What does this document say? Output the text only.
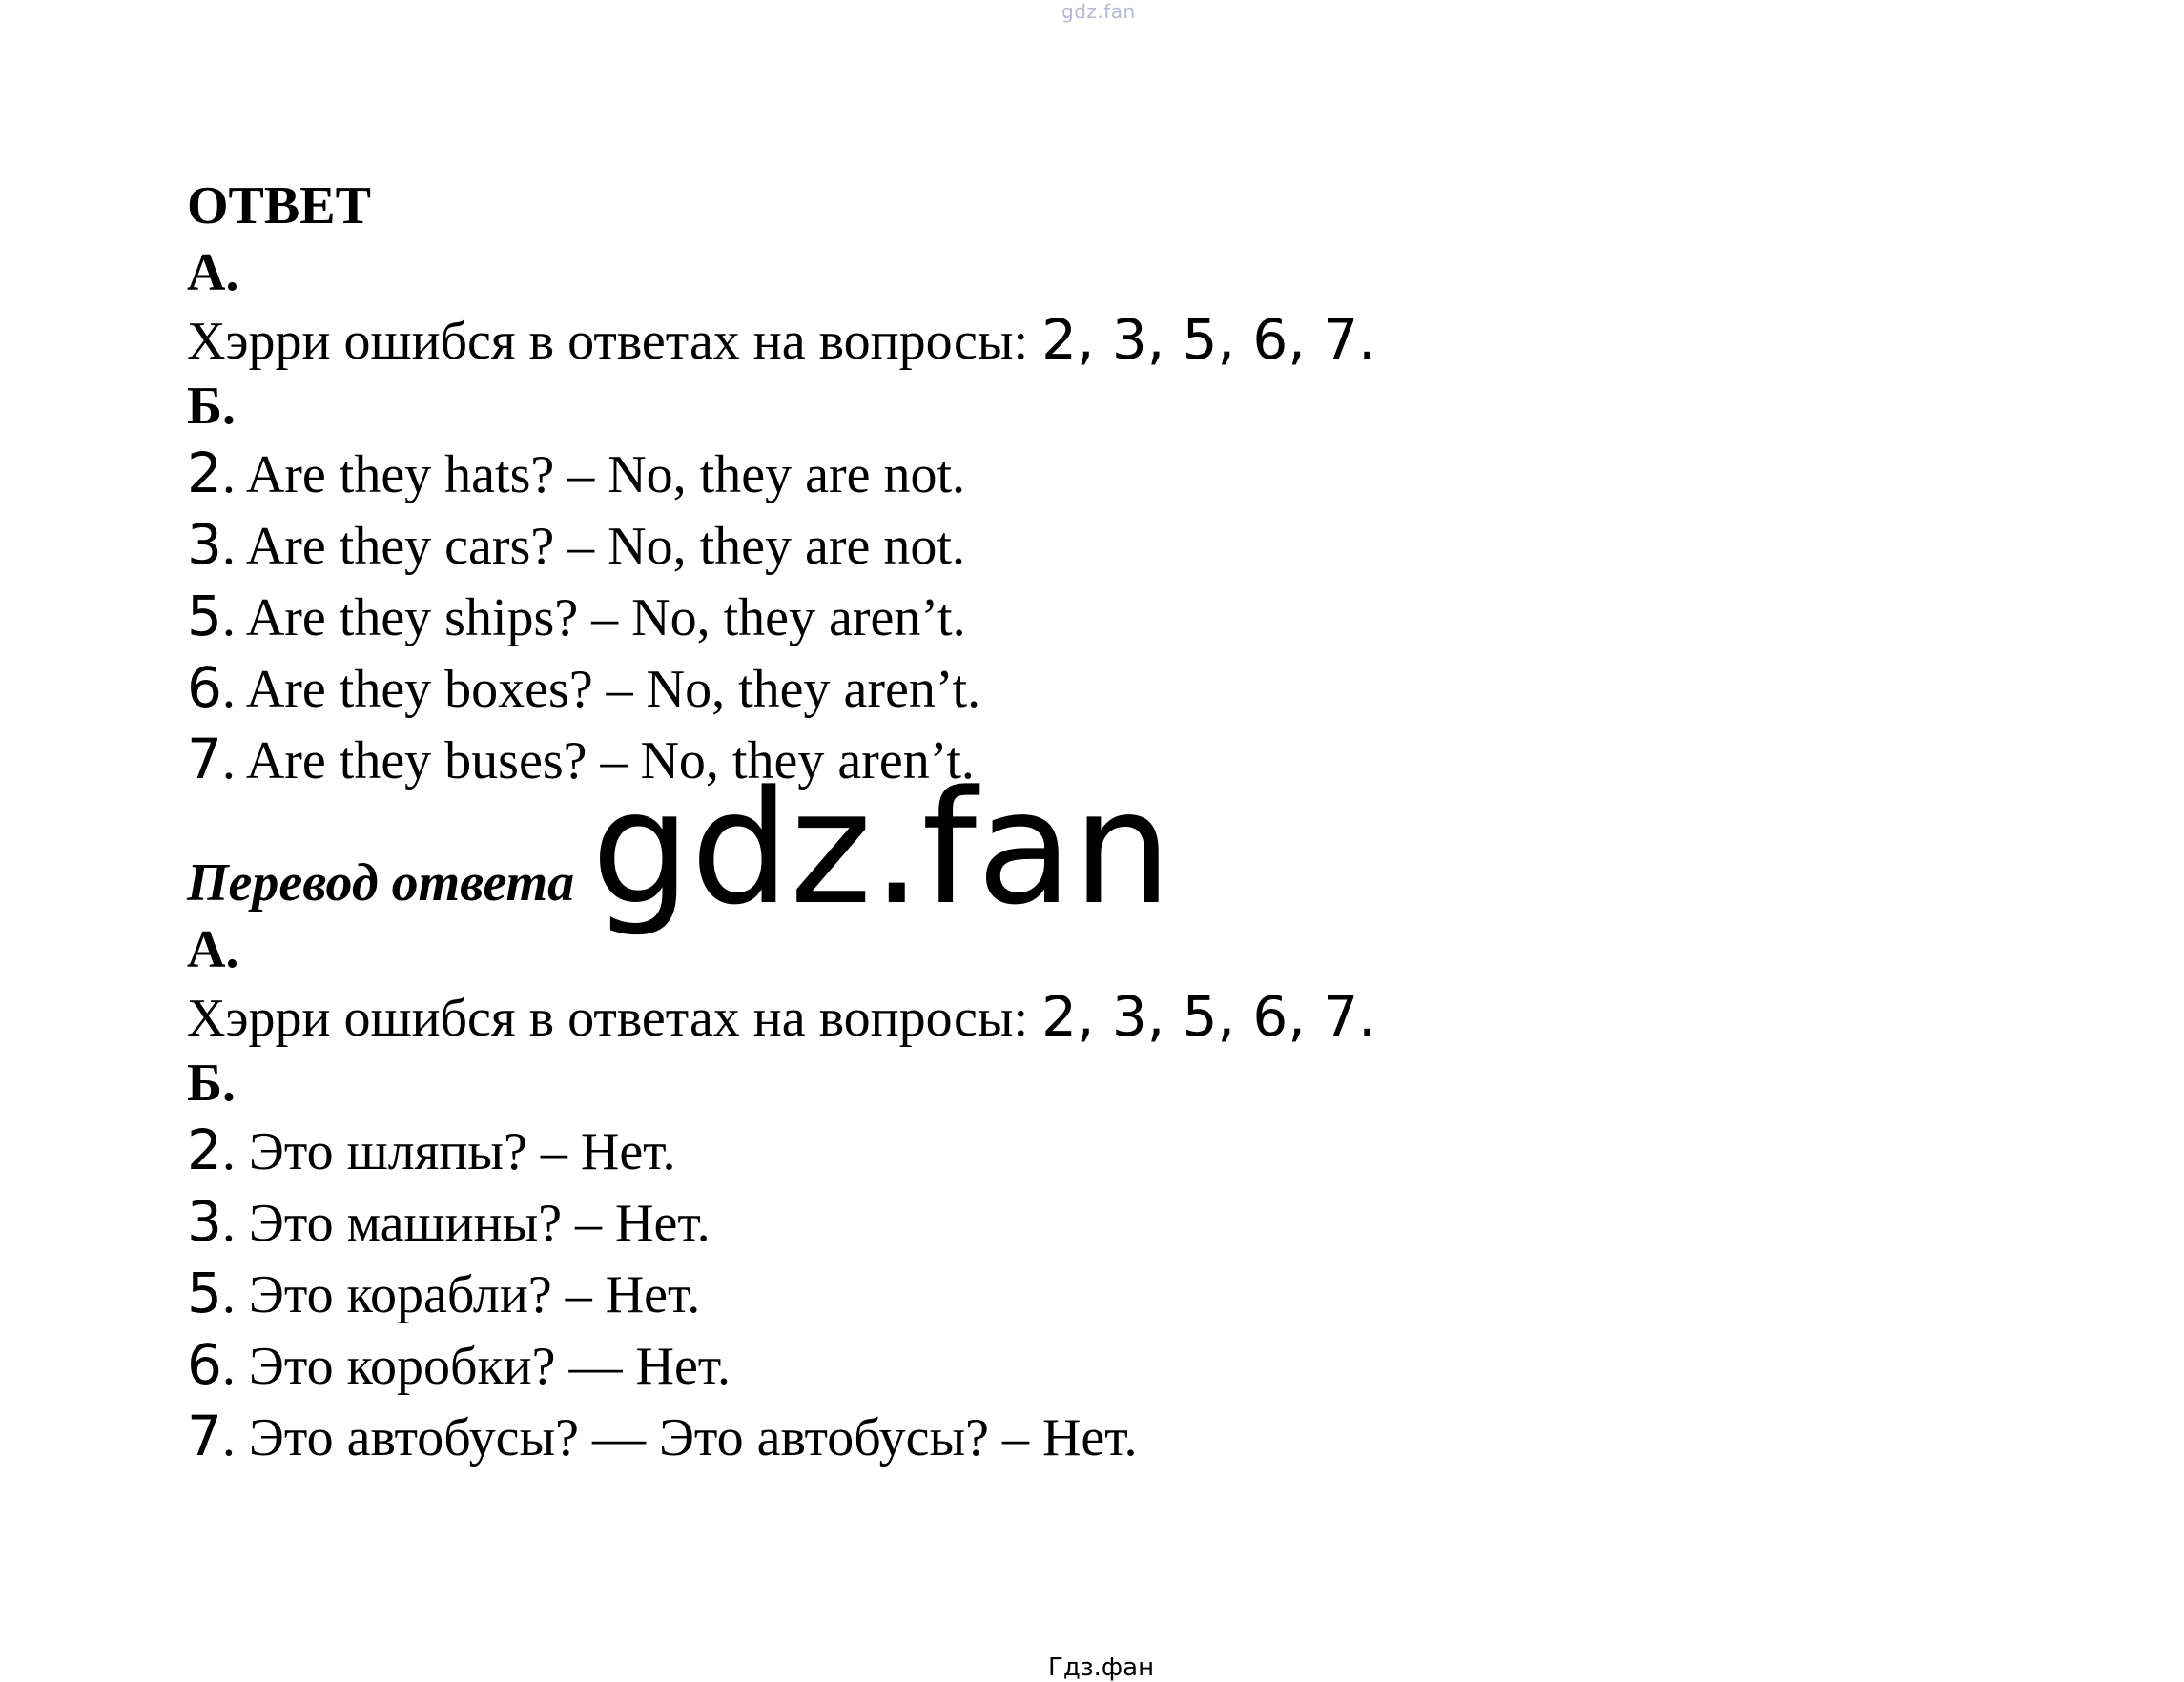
gdz.fan
ОТВЕТ
А.
Хэрри ошибся в ответах на вопросы: 2, 3, 5, 6, 7.
Б.
2. Are they hats? – No, they are not.
3. Are they cars? – No, they are not.
5. Are they ships? – No, they aren’t.
6. Are they boxes? – No, they aren’t.
7. Are they buses? – No, they aren’t.
Перевод ответа gdz.fan
А.
Хэрри ошибся в ответах на вопросы: 2, 3, 5, 6, 7.
Б.
2. Это шляпы? – Нет.
3. Это машины? – Нет.
5. Это корабли? – Нет.
6. Это коробки? — Нет.
7. Это автобусы? — Это автобусы? – Нет.
Гдз.фан
